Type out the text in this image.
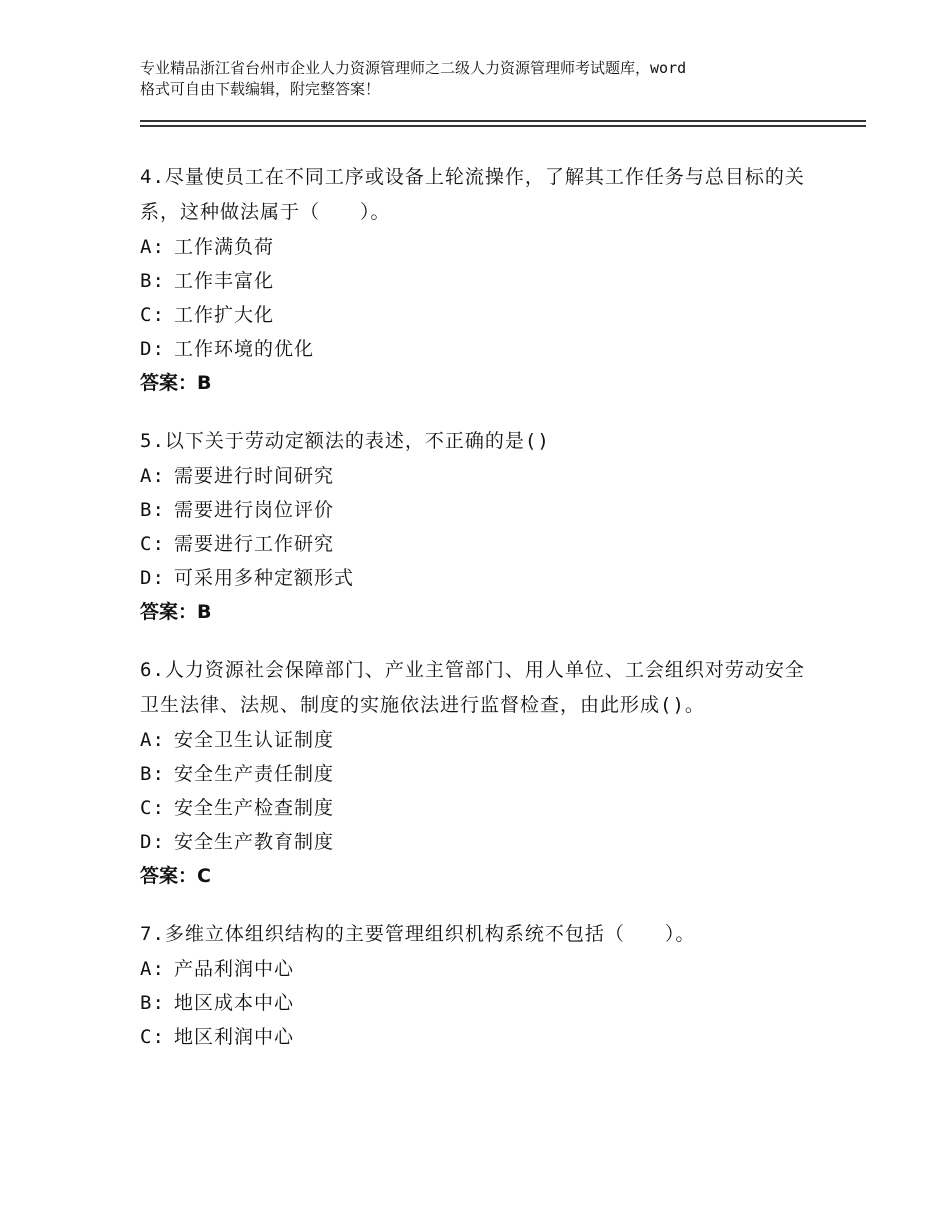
专业精品浙江省台州市企业人力资源管理师之二级人力资源管理师考试题库，word
格式可自由下载编辑，附完整答案！

4.尽量使员工在不同工序或设备上轮流操作，了解其工作任务与总目标的关系，这种做法属于（　　）。

A: 工作满负荷

B: 工作丰富化

C: 工作扩大化

D: 工作环境的优化

答案：B

5.以下关于劳动定额法的表述，不正确的是()

A: 需要进行时间研究

B: 需要进行岗位评价

C: 需要进行工作研究

D: 可采用多种定额形式

答案：B

6.人力资源社会保障部门、产业主管部门、用人单位、工会组织对劳动安全卫生法律、法规、制度的实施依法进行监督检查，由此形成()。

A: 安全卫生认证制度

B: 安全生产责任制度

C: 安全生产检查制度

D: 安全生产教育制度

答案：C

7.多维立体组织结构的主要管理组织机构系统不包括（　　）。

A: 产品利润中心

B: 地区成本中心

C: 地区利润中心
